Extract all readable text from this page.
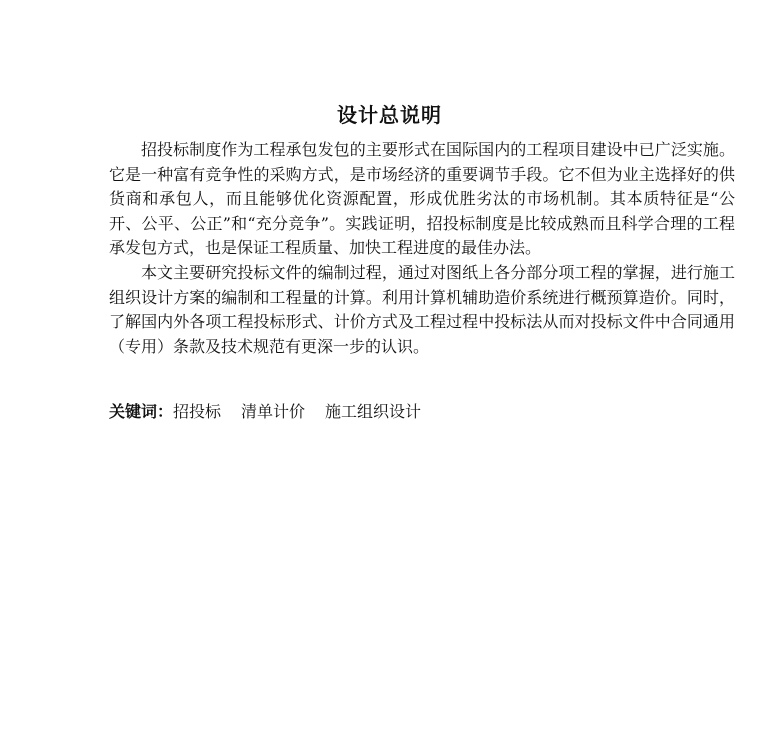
设计总说明

招投标制度作为工程承包发包的主要形式在国际国内的工程项目建设中已广泛实施。它是一种富有竞争性的采购方式，是市场经济的重要调节手段。它不但为业主选择好的供货商和承包人，而且能够优化资源配置，形成优胜劣汰的市场机制。其本质特征是“公开、公平、公正”和“充分竞争”。实践证明，招投标制度是比较成熟而且科学合理的工程承发包方式，也是保证工程质量、加快工程进度的最佳办法。

本文主要研究投标文件的编制过程，通过对图纸上各分部分项工程的掌握，进行施工组织设计方案的编制和工程量的计算。利用计算机辅助造价系统进行概预算造价。同时，了解国内外各项工程投标形式、计价方式及工程过程中投标法从而对投标文件中合同通用（专用）条款及技术规范有更深一步的认识。

关键词：招投标 清单计价 施工组织设计
